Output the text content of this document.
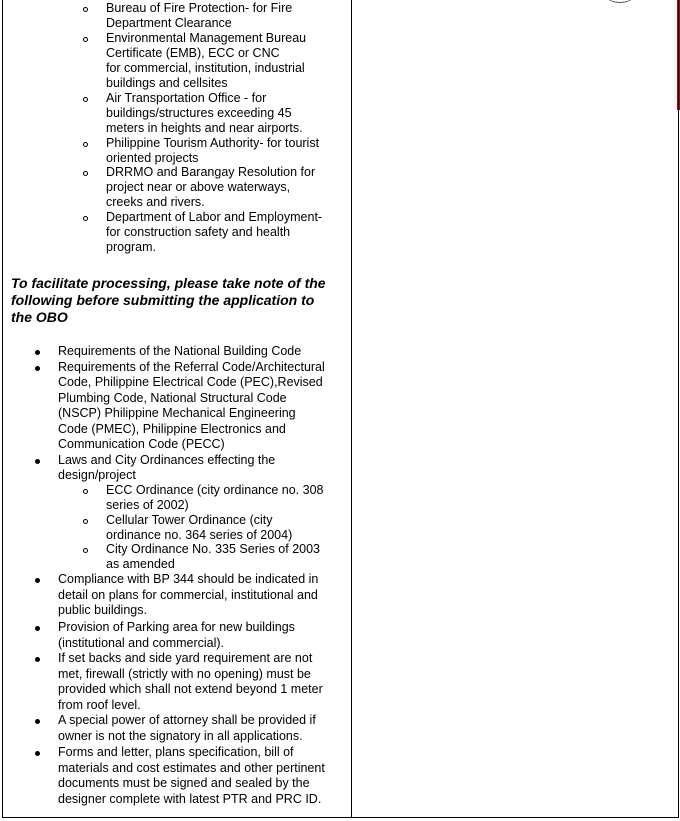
Bureau of Fire Protection- for Fire
Department Clearance
Environmental Management Bureau
Certificate (EMB), ECC or CNC
for commercial, institution, industrial
buildings and cellsites
Air Transportation Office - for
buildings/structures exceeding 45
meters in heights and near airports.
Philippine Tourism Authority- for tourist
oriented projects
DRRMO and Barangay Resolution for
project near or above waterways,
creeks and rivers.
Department of Labor and Employment-
for construction safety and health
program.
To facilitate processing, please take note of the
following before submitting the application to
the OBO
Requirements of the National Building Code
Requirements of the Referral Code/Architectural
Code, Philippine Electrical Code (PEC),Revised
Plumbing Code, National Structural Code
(NSCP) Philippine Mechanical Engineering
Code (PMEC), Philippine Electronics and
Communication Code (PECC)
Laws and City Ordinances effecting the
design/project
ECC Ordinance (city ordinance no. 308
series of 2002)
Cellular Tower Ordinance (city
ordinance no. 364 series of 2004)
City Ordinance No. 335 Series of 2003
as amended
Compliance with BP 344 should be indicated in
detail on plans for commercial, institutional and
public buildings.
Provision of Parking area for new buildings
(institutional and commercial).
If set backs and side yard requirement are not
met, firewall (strictly with no opening) must be
provided which shall not extend beyond 1 meter
from roof level.
A special power of attorney shall be provided if
owner is not the signatory in all applications.
Forms and letter, plans specification, bill of
materials and cost estimates and other pertinent
documents must be signed and sealed by the
designer complete with latest PTR and PRC ID.
